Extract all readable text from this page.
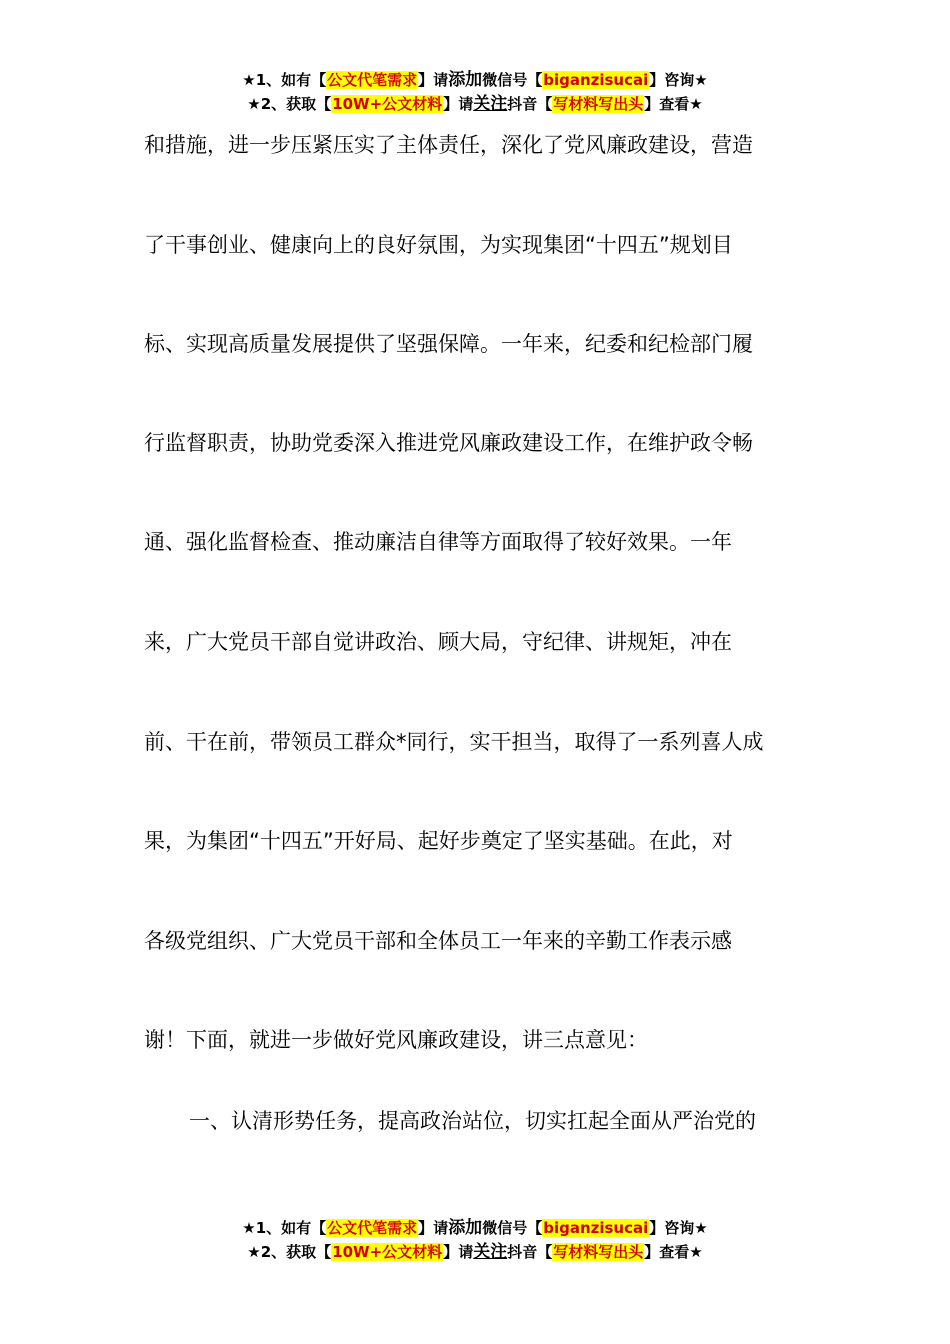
★1、如有【公文代笔需求】请添加微信号【biganzisucai】咨询★
★2、获取【10W+公文材料】请关注抖音【写材料写出头】查看★
和措施，进一步压紧压实了主体责任，深化了党风廉政建设，营造
了干事创业、健康向上的良好氛围，为实现集团“十四五”规划目
标、实现高质量发展提供了坚强保障。一年来，纪委和纪检部门履
行监督职责，协助党委深入推进党风廉政建设工作，在维护政令畅
通、强化监督检查、推动廉洁自律等方面取得了较好效果。一年
来，广大党员干部自觉讲政治、顾大局，守纪律、讲规矩，冲在
前、干在前，带领员工群众*同行，实干担当，取得了一系列喜人成
果，为集团“十四五”开好局、起好步奠定了坚实基础。在此，对
各级党组织、广大党员干部和全体员工一年来的辛勤工作表示感
谢！下面，就进一步做好党风廉政建设，讲三点意见：
一、认清形势任务，提高政治站位，切实扛起全面从严治党的
★1、如有【公文代笔需求】请添加微信号【biganzisucai】咨询★
★2、获取【10W+公文材料】请关注抖音【写材料写出头】查看★
